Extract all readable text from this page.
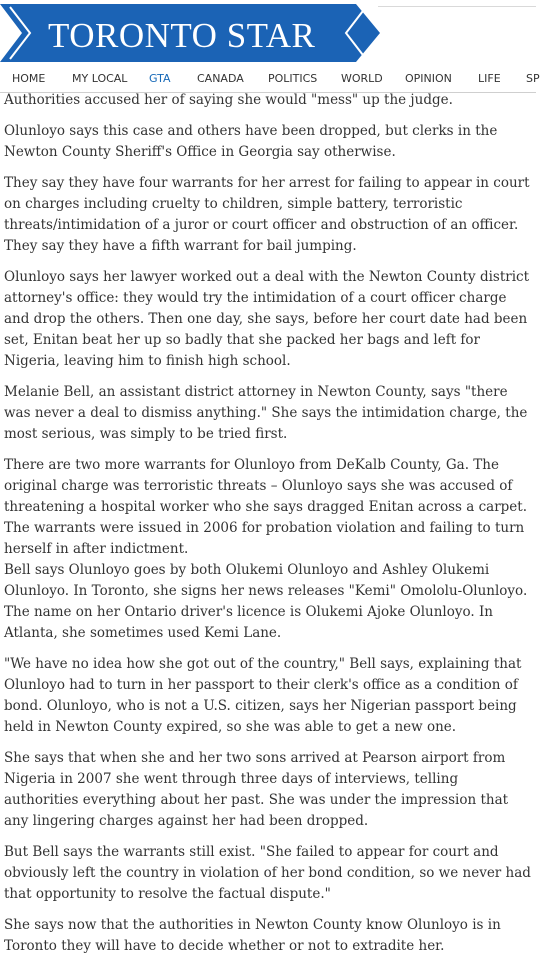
TORONTO STAR
HOME MY LOCAL GTA CANADA POLITICS WORLD OPINION LIFE SP

Authorities accused her of saying she would "mess" up the judge.

Olunloyo says this case and others have been dropped, but clerks in the Newton County Sheriff's Office in Georgia say otherwise.

They say they have four warrants for her arrest for failing to appear in court on charges including cruelty to children, simple battery, terroristic threats/intimidation of a juror or court officer and obstruction of an officer. They say they have a fifth warrant for bail jumping.

Olunloyo says her lawyer worked out a deal with the Newton County district attorney's office: they would try the intimidation of a court officer charge and drop the others. Then one day, she says, before her court date had been set, Enitan beat her up so badly that she packed her bags and left for Nigeria, leaving him to finish high school.

Melanie Bell, an assistant district attorney in Newton County, says "there was never a deal to dismiss anything." She says the intimidation charge, the most serious, was simply to be tried first.

There are two more warrants for Olunloyo from DeKalb County, Ga. The original charge was terroristic threats – Olunloyo says she was accused of threatening a hospital worker who she says dragged Enitan across a carpet. The warrants were issued in 2006 for probation violation and failing to turn herself in after indictment.

Bell says Olunloyo goes by both Olukemi Olunloyo and Ashley Olukemi Olunloyo. In Toronto, she signs her news releases "Kemi" Omololu-Olunloyo. The name on her Ontario driver's licence is Olukemi Ajoke Olunloyo. In Atlanta, she sometimes used Kemi Lane.

"We have no idea how she got out of the country," Bell says, explaining that Olunloyo had to turn in her passport to their clerk's office as a condition of bond. Olunloyo, who is not a U.S. citizen, says her Nigerian passport being held in Newton County expired, so she was able to get a new one.

She says that when she and her two sons arrived at Pearson airport from Nigeria in 2007 she went through three days of interviews, telling authorities everything about her past. She was under the impression that any lingering charges against her had been dropped.

But Bell says the warrants still exist. "She failed to appear for court and obviously left the country in violation of her bond condition, so we never had that opportunity to resolve the factual dispute."

She says now that the authorities in Newton County know Olunloyo is in Toronto they will have to decide whether or not to extradite her.
